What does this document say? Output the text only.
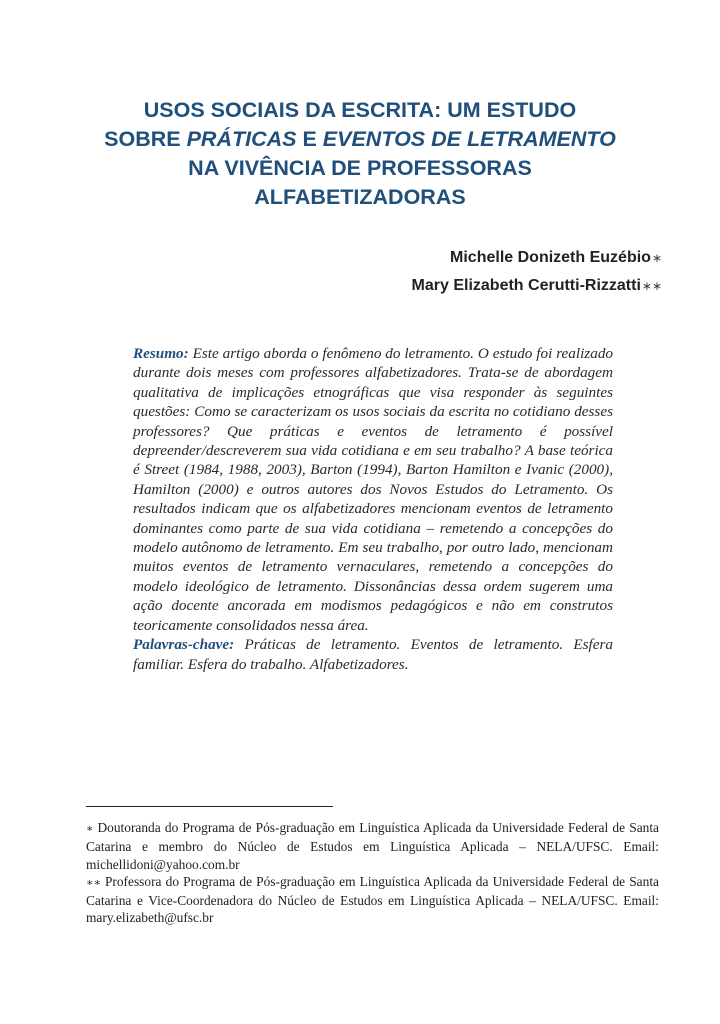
USOS SOCIAIS DA ESCRITA: UM ESTUDO
SOBRE PRÁTICAS E EVENTOS DE LETRAMENTO
NA VIVÊNCIA DE PROFESSORAS
ALFABETIZADORAS
Michelle Donizeth Euzébio∗
Mary Elizabeth Cerutti-Rizzatti∗∗

Resumo: Este artigo aborda o fenômeno do letramento. O estudo foi realizado durante dois meses com professores alfabetizadores. Trata-se de abordagem qualitativa de implicações etnográficas que visa responder às seguintes questões: Como se caracterizam os usos sociais da escrita no cotidiano desses professores? Que práticas e eventos de letramento é possível depreender/descreverem sua vida cotidiana e em seu trabalho? A base teórica é Street (1984, 1988, 2003), Barton (1994), Barton Hamilton e Ivanic (2000), Hamilton (2000) e outros autores dos Novos Estudos do Letramento. Os resultados indicam que os alfabetizadores mencionam eventos de letramento dominantes como parte de sua vida cotidiana – remetendo a concepções do modelo autônomo de letramento. Em seu trabalho, por outro lado, mencionam muitos eventos de letramento vernaculares, remetendo a concepções do modelo ideológico de letramento. Dissonâncias dessa ordem sugerem uma ação docente ancorada em modismos pedagógicos e não em construtos teoricamente consolidados nessa área.

Palavras-chave: Práticas de letramento. Eventos de letramento. Esfera familiar. Esfera do trabalho. Alfabetizadores.

∗ Doutoranda do Programa de Pós-graduação em Linguística Aplicada da Universidade Federal de Santa Catarina e membro do Núcleo de Estudos em Linguística Aplicada – NELA/UFSC. Email: michellidoni@yahoo.com.br

∗∗ Professora do Programa de Pós-graduação em Linguística Aplicada da Universidade Federal de Santa Catarina e Vice-Coordenadora do Núcleo de Estudos em Linguística Aplicada – NELA/UFSC. Email: mary.elizabeth@ufsc.br
